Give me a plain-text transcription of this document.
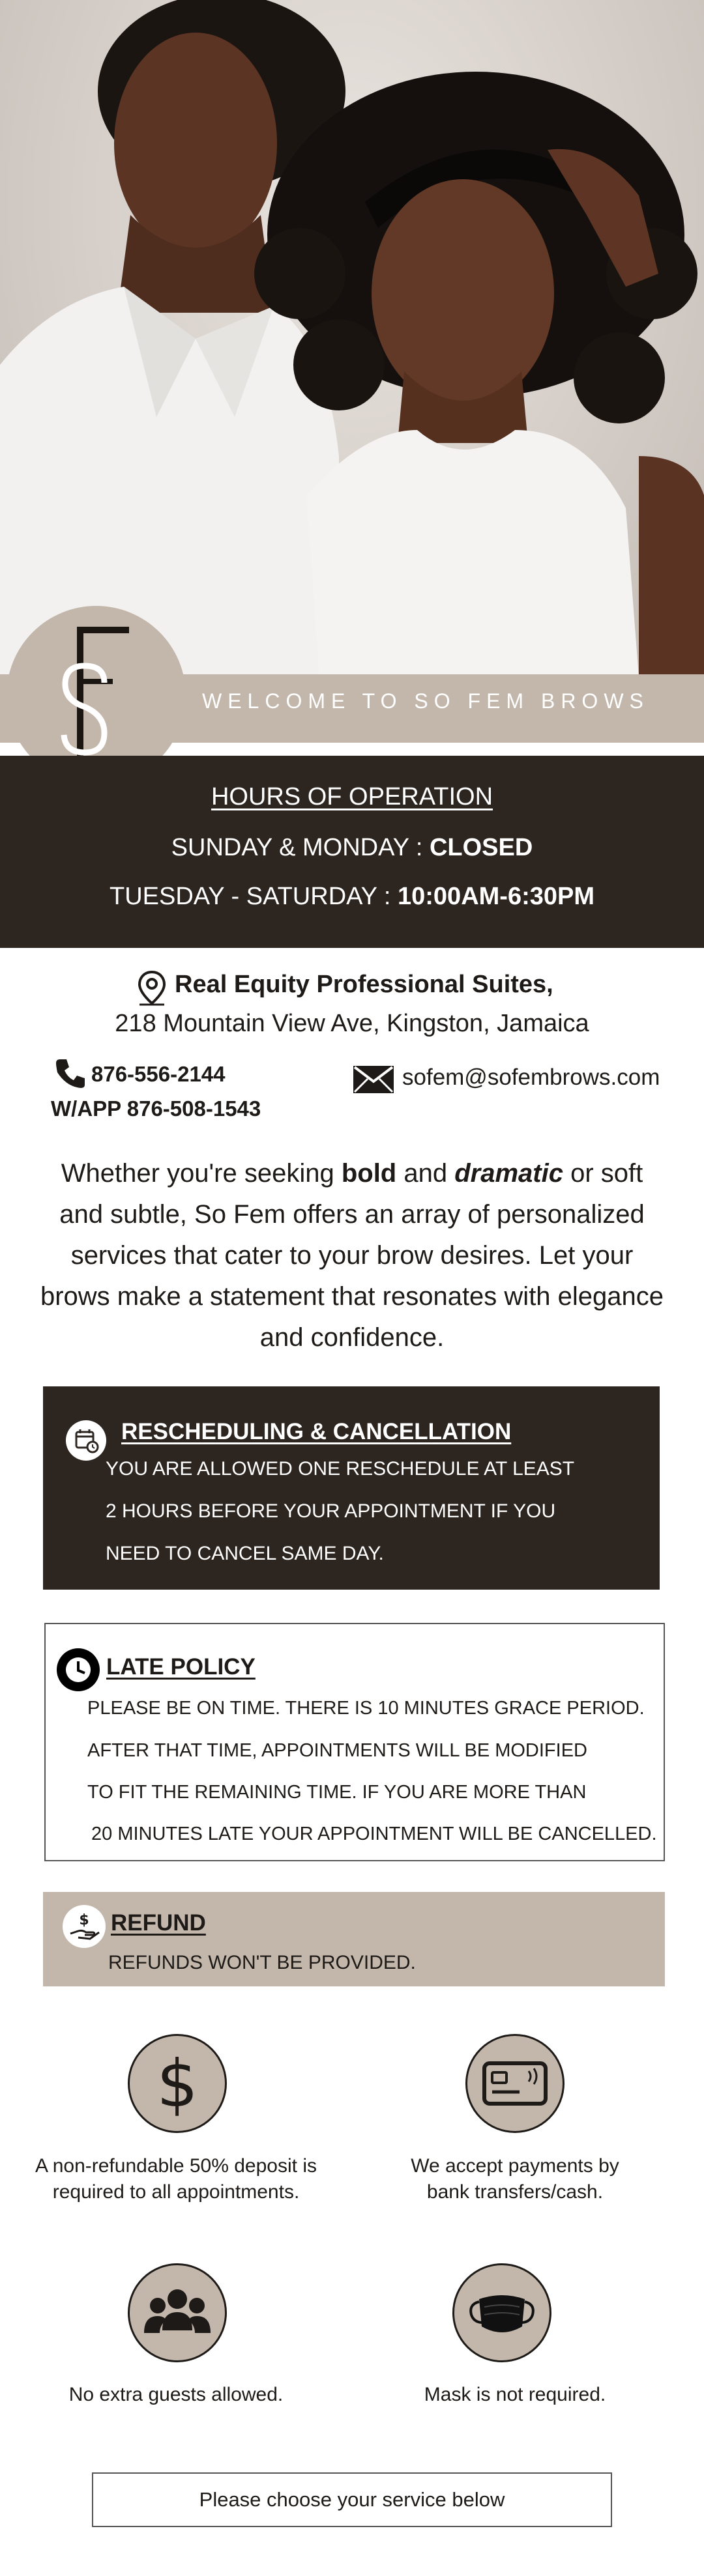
WELCOME TO SO FEM BROWS
HOURS OF OPERATION
SUNDAY & MONDAY : CLOSED
TUESDAY - SATURDAY : 10:00AM-6:30PM
Real Equity Professional Suites,
218 Mountain View Ave, Kingston, Jamaica
876-556-2144
W/APP 876-508-1543
sofem@sofembrows.com
Whether you're seeking bold and dramatic or soft and subtle, So Fem offers an array of personalized services that cater to your brow desires. Let your brows make a statement that resonates with elegance and confidence.
RESCHEDULING & CANCELLATION
YOU ARE ALLOWED ONE RESCHEDULE AT LEAST
2 HOURS BEFORE YOUR APPOINTMENT IF YOU
NEED TO CANCEL SAME DAY.
LATE POLICY
PLEASE BE ON TIME. THERE IS 10 MINUTES GRACE PERIOD.
AFTER THAT TIME, APPOINTMENTS WILL BE MODIFIED
TO FIT THE REMAINING TIME. IF YOU ARE MORE THAN
20 MINUTES LATE YOUR APPOINTMENT WILL BE CANCELLED.
$ REFUND
REFUNDS WON'T BE PROVIDED.
$
A non-refundable 50% deposit is
required to all appointments.
We accept payments by
bank transfers/cash.
No extra guests allowed.	Mask is not required.
Please choose your service below
